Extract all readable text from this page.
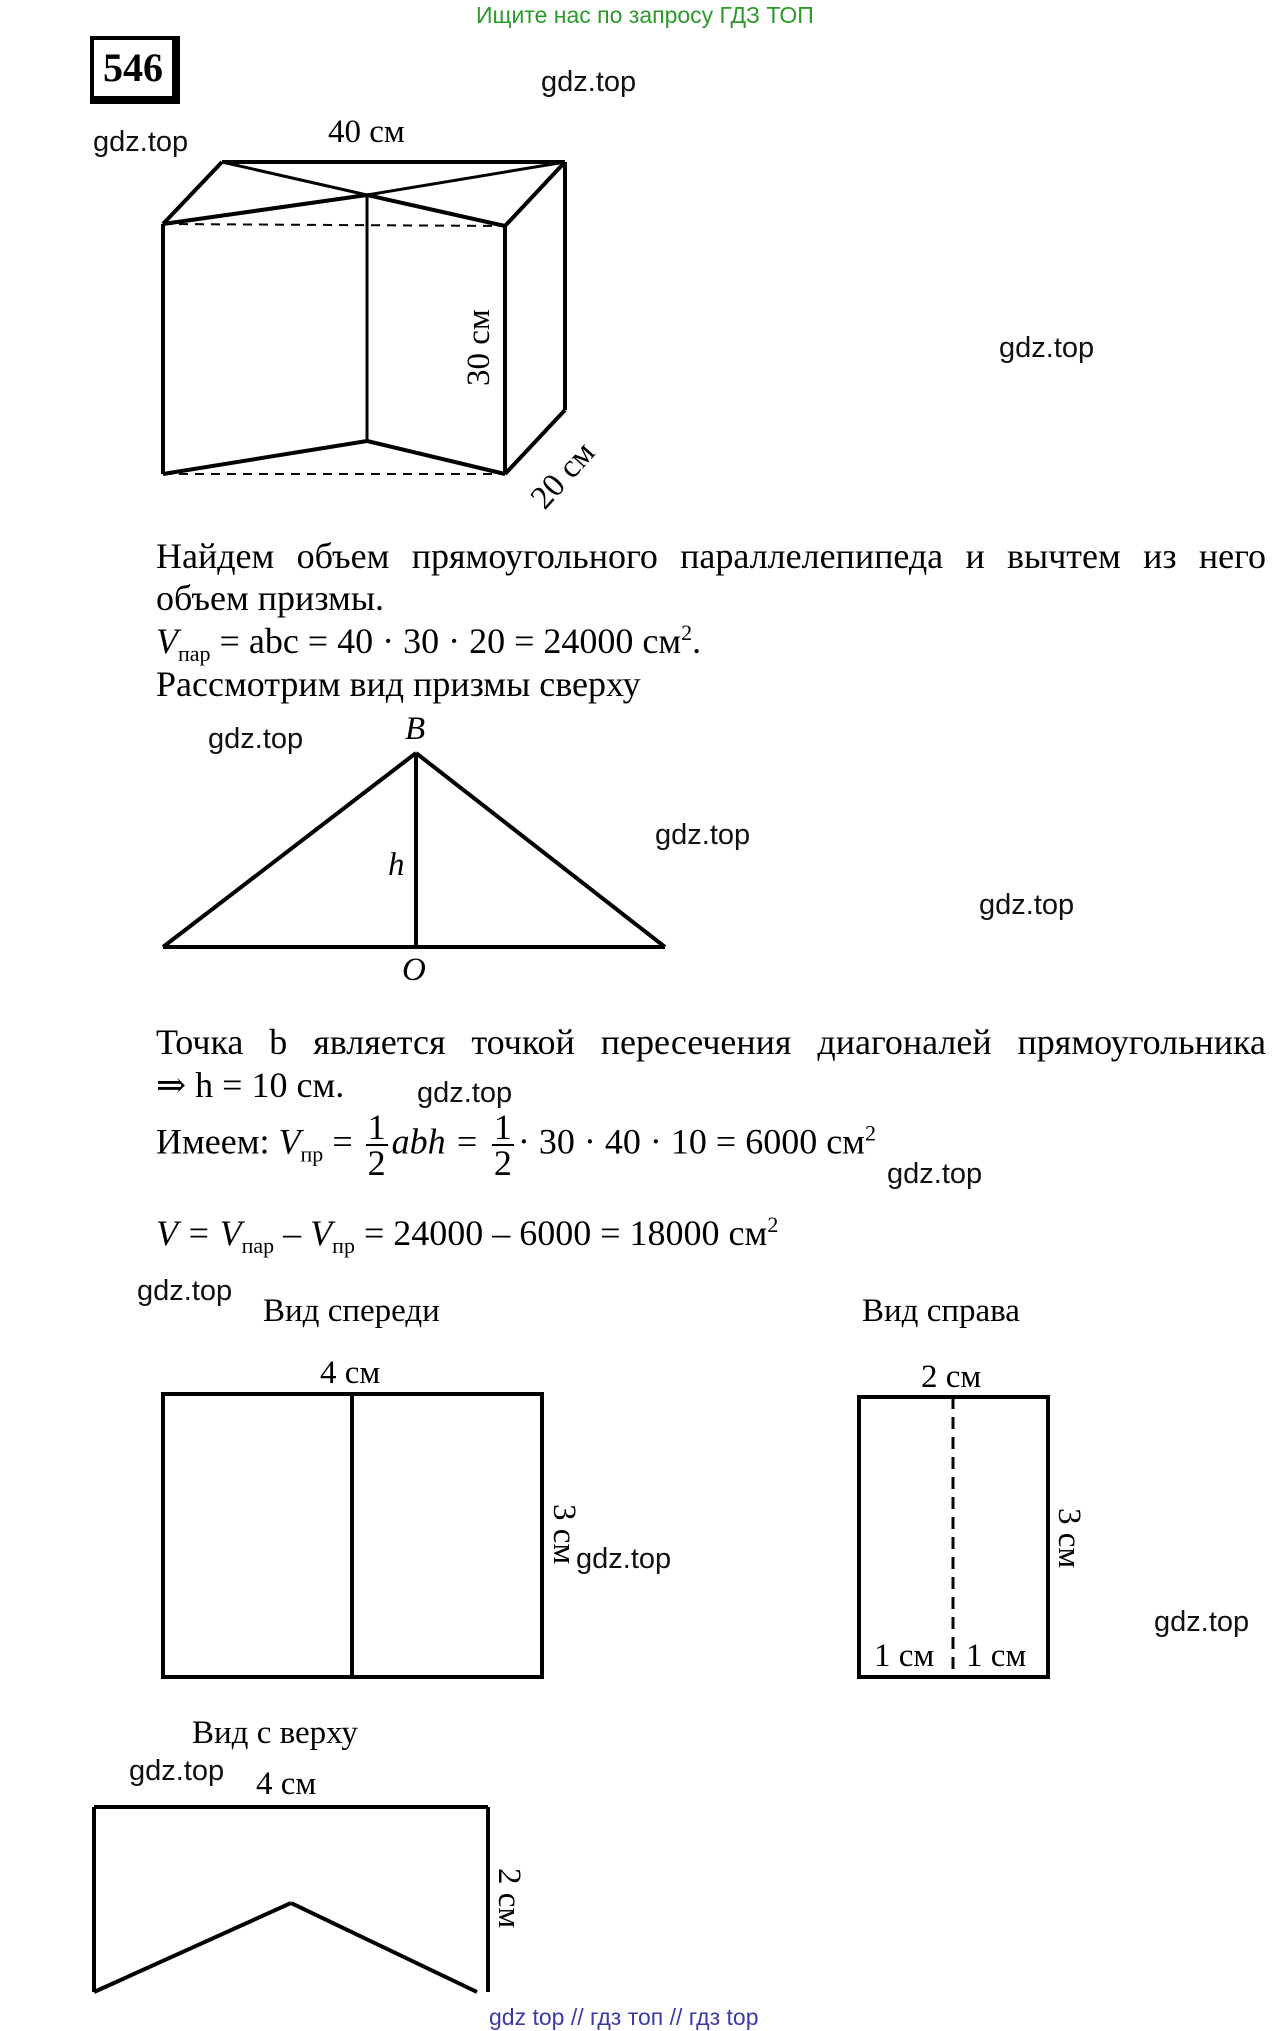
Ищите нас по запросу ГДЗ ТОП
546	gdz.top
gdz.top
gdz.top
gdz.top
gdz.top
gdz.top
gdz.top
gdz.top
gdz.top
gdz.top
gdz.top
gdz.top
40 см
30 см
20 см
Найдем объем прямоугольного параллелепипеда и вычтем из него
объем призмы.
$V_{пар}$ = abc = 40 · 30 · 20 = 24000 $см^2$.
Рассмотрим вид призмы сверху
B
h
O
Точка b является точкой пересечения диагоналей прямоугольника
⇒ h = 10 см.
Имеем: $V_{пр} = \frac{1}{2}$ abh = $\frac{1}{2} \cdot 30 \cdot 40 \cdot 10 = 6000$ $см^2$
$V = V_{пар} - V_{пр} = 24000 - 6000 = 18000$ $см^2$
Вид спереди
4 см
3 см
Вид справа
2 см
3 см
1 см 1 см
Вид с верху
4 см
2 см
gdz top // гдз топ // гдз top
